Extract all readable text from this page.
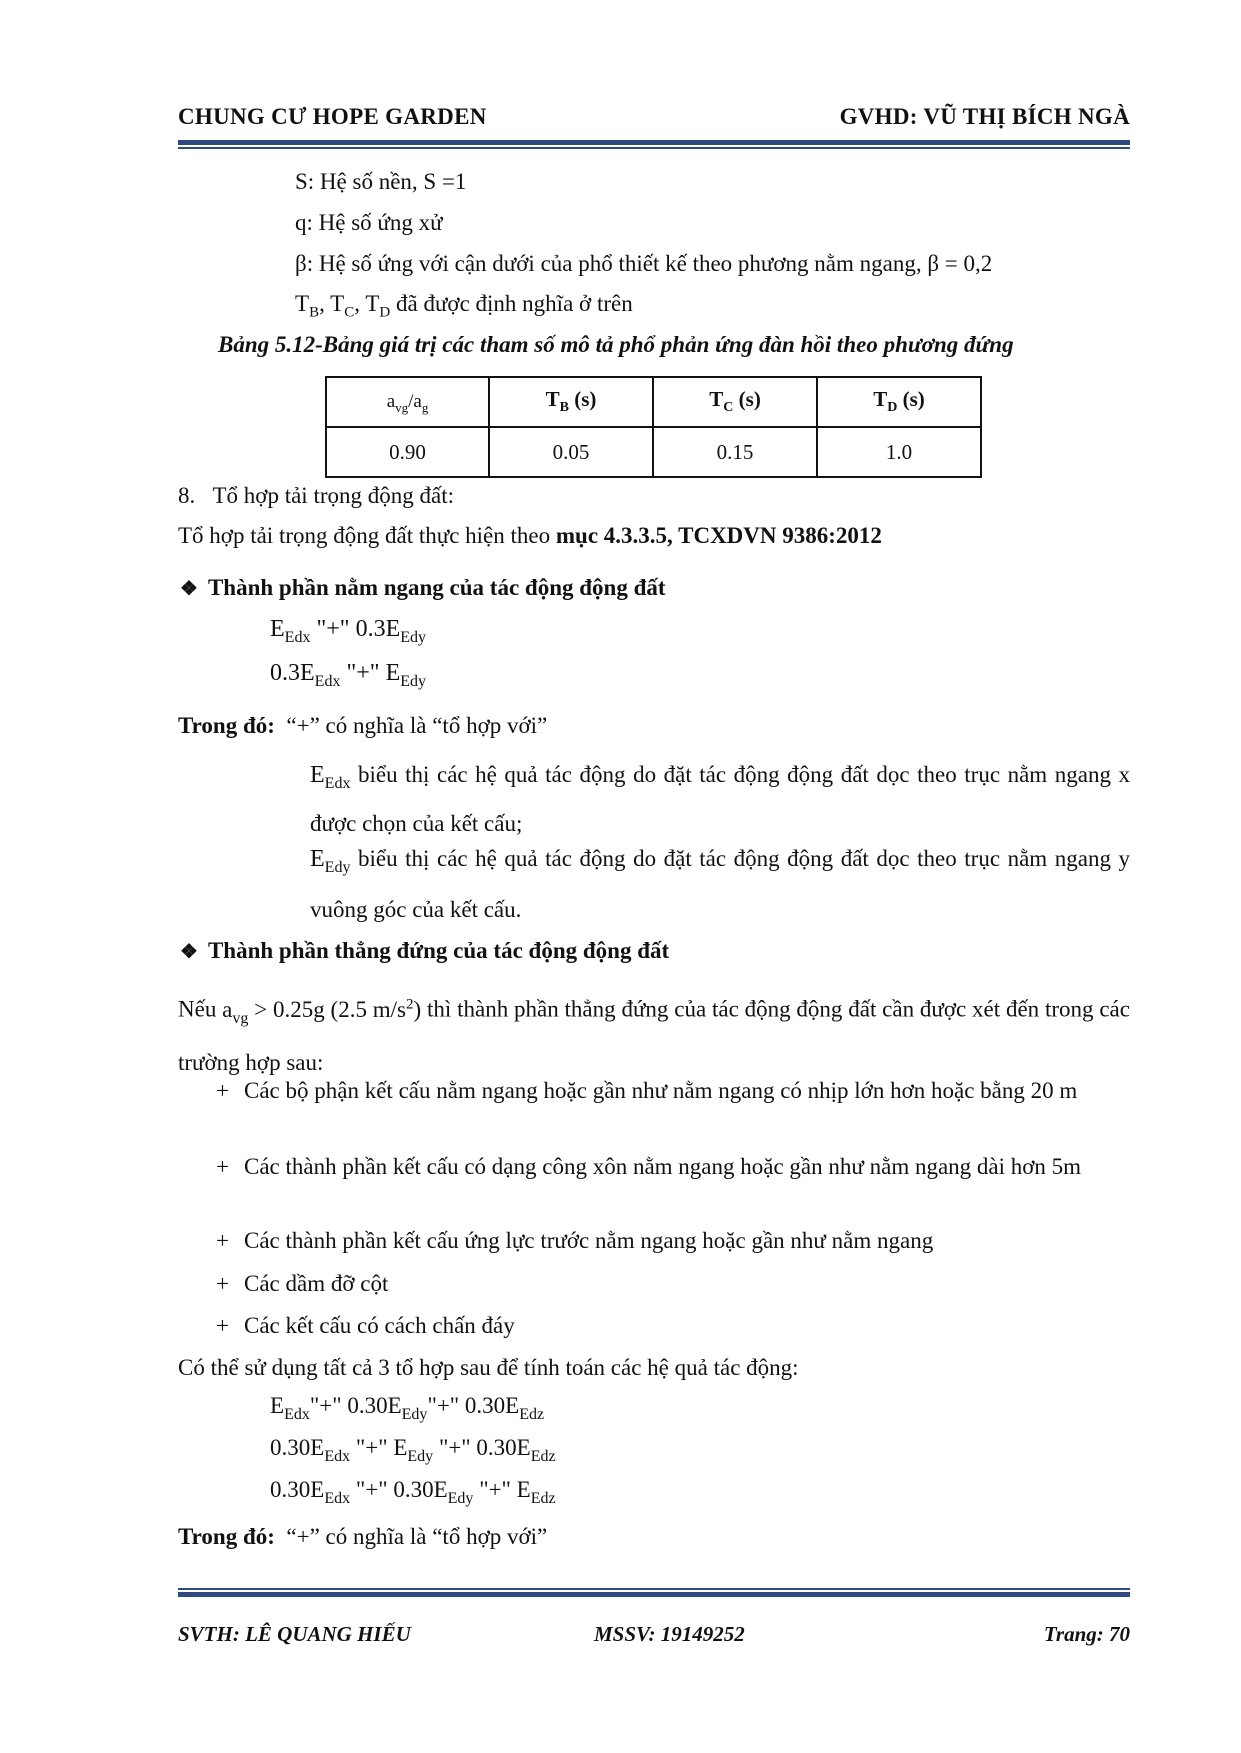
CHUNG CƯ HOPE GARDEN	GVHD: VŨ THỊ BÍCH NGÀ
S: Hệ số nền, S =1
q: Hệ số ứng xử
β: Hệ số ứng với cận dưới của phổ thiết kế theo phương nằm ngang, β = 0,2
$T_B$, $T_C$, $T_D$ đã được định nghĩa ở trên
Bảng 5.12-Bảng giá trị các tham số mô tả phổ phản ứng đàn hồi theo phương đứng
$a_{vg}/a_g$	$T_B$ (s)	$T_C$ (s)	$T_D$ (s)
0.90	0.05	0.15	1.0
8. Tổ hợp tải trọng động đất:
Tổ hợp tải trọng động đất thực hiện theo mục 4.3.3.5, TCXDVN 9386:2012
❖ Thành phần nằm ngang của tác động động đất
$E_{Edx}$ "+" $0.3E_{Edy}$
$0.3E_{Edx}$ "+" $E_{Edy}$
Trong đó: “+” có nghĩa là “tổ hợp với”
$E_{Edx}$ biểu thị các hệ quả tác động do đặt tác động động đất dọc theo trục nằm ngang x được chọn của kết cấu;
$E_{Edy}$ biểu thị các hệ quả tác động do đặt tác động động đất dọc theo trục nằm ngang y vuông góc của kết cấu.
❖ Thành phần thẳng đứng của tác động động đất
Nếu $a_{vg} > 0.25g$ (2.5 $m/s^2$) thì thành phần thẳng đứng của tác động động đất cần được xét đến trong các trường hợp sau:
+ Các bộ phận kết cấu nằm ngang hoặc gần như nằm ngang có nhịp lớn hơn hoặc bằng 20 m
+ Các thành phần kết cấu có dạng công xôn nằm ngang hoặc gần như nằm ngang dài hơn 5m
+ Các thành phần kết cấu ứng lực trước nằm ngang hoặc gần như nằm ngang
+ Các dầm đỡ cột
+ Các kết cấu có cách chấn đáy
Có thể sử dụng tất cả 3 tổ hợp sau để tính toán các hệ quả tác động:
$E_{Edx}"+$" $0.30E_{Edy}"+$" $0.30E_{Edz}$
$0.30E_{Edx}$ "+" $E_{Edy}$ "+" $0.30E_{Edz}$
$0.30E_{Edx}$ "+" $0.30E_{Edy}$ "+" $E_{Edz}$
Trong đó: “+” có nghĩa là “tổ hợp với”
SVTH: LÊ QUANG HIẾU	MSSV: 19149252	Trang: 70
